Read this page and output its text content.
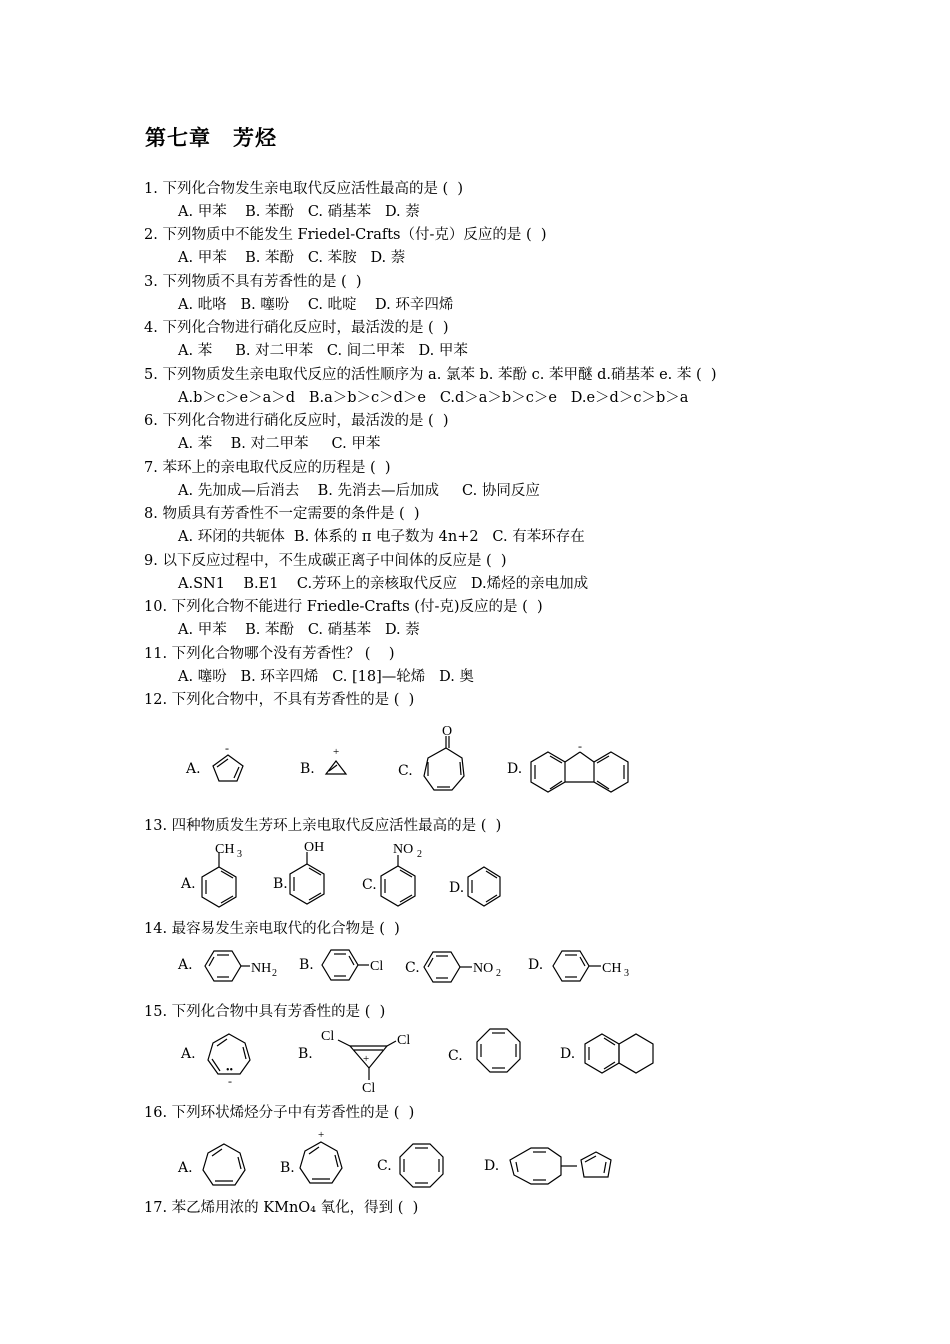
第七章　芳烃
1. 下列化合物发生亲电取代反应活性最高的是 (  )
A. 甲苯    B. 苯酚   C. 硝基苯   D. 萘
2. 下列物质中不能发生 Friedel-Crafts（付-克）反应的是 (  )
A. 甲苯    B. 苯酚   C. 苯胺   D. 萘
3. 下列物质不具有芳香性的是 (  )
A. 吡咯   B. 噻吩    C. 吡啶    D. 环辛四烯
4. 下列化合物进行硝化反应时，最活泼的是 (  )
A. 苯     B. 对二甲苯   C. 间二甲苯   D. 甲苯
5. 下列物质发生亲电取代反应的活性顺序为 a. 氯苯 b. 苯酚 c. 苯甲醚 d.硝基苯 e. 苯 (  )
A.b＞c＞e＞a＞d   B.a＞b＞c＞d＞e   C.d＞a＞b＞c＞e   D.e＞d＞c＞b＞a
6. 下列化合物进行硝化反应时，最活泼的是 (  )
A. 苯    B. 对二甲苯     C. 甲苯
7. 苯环上的亲电取代反应的历程是 (  )
A. 先加成—后消去    B. 先消去—后加成     C. 协同反应
8. 物质具有芳香性不一定需要的条件是 (  )
A. 环闭的共轭体  B. 体系的 π 电子数为 4n+2   C. 有苯环存在
9. 以下反应过程中，不生成碳正离子中间体的反应是 (  )
A.SN1    B.E1    C.芳环上的亲核取代反应   D.烯烃的亲电加成
10. 下列化合物不能进行 Friedle-Crafts (付-克)反应的是 (  )
A. 甲苯    B. 苯酚   C. 硝基苯   D. 萘
11. 下列化合物哪个没有芳香性？ (    )
A. 噻吩   B. 环辛四烯   C. [18]—轮烯   D. 奥
12. 下列化合物中，不具有芳香性的是 (  )
A.	B.	C.	D.
-	+
O
-
CH 3	OH	NO 2
NH 2	Cl	NO 2	CH 3
••
-
Cl	Cl
Cl
+
+
13. 四种物质发生芳环上亲电取代反应活性最高的是 (  )
A.	B.	C.	D.
14. 最容易发生亲电取代的化合物是 (  )
A.	B.	C.	D.
15. 下列化合物中具有芳香性的是 (  )
A.	B.	C.	D.
16. 下列环状烯烃分子中有芳香性的是 (  )
A.	B.	C.	D.
17. 苯乙烯用浓的 KMnO₄ 氧化，得到 (  )
